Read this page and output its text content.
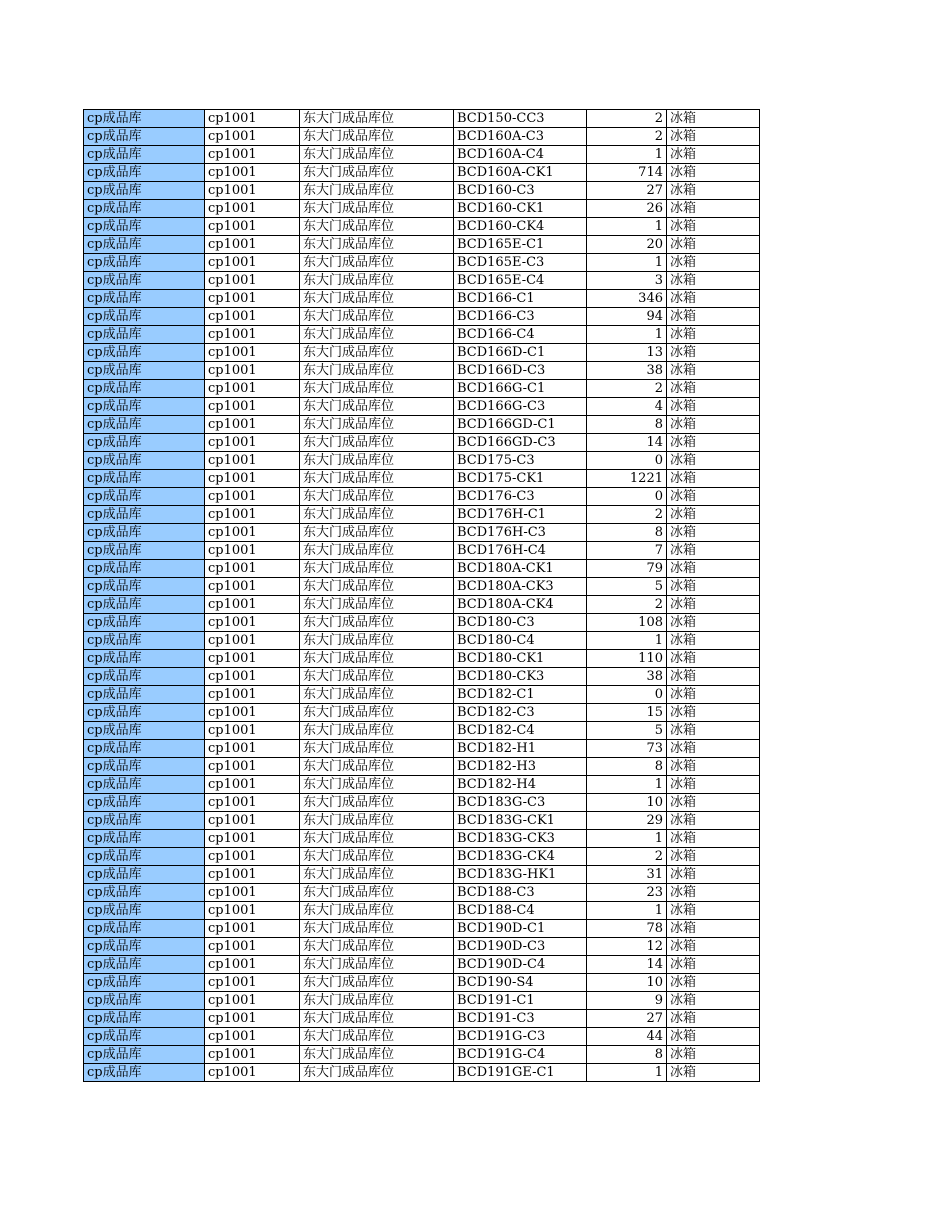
cp成品库	cp1001	东大门成品库位	BCD150-CC3	2	冰箱
cp成品库	cp1001	东大门成品库位	BCD160A-C3	2	冰箱
cp成品库	cp1001	东大门成品库位	BCD160A-C4	1	冰箱
cp成品库	cp1001	东大门成品库位	BCD160A-CK1	714	冰箱
cp成品库	cp1001	东大门成品库位	BCD160-C3	27	冰箱
cp成品库	cp1001	东大门成品库位	BCD160-CK1	26	冰箱
cp成品库	cp1001	东大门成品库位	BCD160-CK4	1	冰箱
cp成品库	cp1001	东大门成品库位	BCD165E-C1	20	冰箱
cp成品库	cp1001	东大门成品库位	BCD165E-C3	1	冰箱
cp成品库	cp1001	东大门成品库位	BCD165E-C4	3	冰箱
cp成品库	cp1001	东大门成品库位	BCD166-C1	346	冰箱
cp成品库	cp1001	东大门成品库位	BCD166-C3	94	冰箱
cp成品库	cp1001	东大门成品库位	BCD166-C4	1	冰箱
cp成品库	cp1001	东大门成品库位	BCD166D-C1	13	冰箱
cp成品库	cp1001	东大门成品库位	BCD166D-C3	38	冰箱
cp成品库	cp1001	东大门成品库位	BCD166G-C1	2	冰箱
cp成品库	cp1001	东大门成品库位	BCD166G-C3	4	冰箱
cp成品库	cp1001	东大门成品库位	BCD166GD-C1	8	冰箱
cp成品库	cp1001	东大门成品库位	BCD166GD-C3	14	冰箱
cp成品库	cp1001	东大门成品库位	BCD175-C3	0	冰箱
cp成品库	cp1001	东大门成品库位	BCD175-CK1	1221	冰箱
cp成品库	cp1001	东大门成品库位	BCD176-C3	0	冰箱
cp成品库	cp1001	东大门成品库位	BCD176H-C1	2	冰箱
cp成品库	cp1001	东大门成品库位	BCD176H-C3	8	冰箱
cp成品库	cp1001	东大门成品库位	BCD176H-C4	7	冰箱
cp成品库	cp1001	东大门成品库位	BCD180A-CK1	79	冰箱
cp成品库	cp1001	东大门成品库位	BCD180A-CK3	5	冰箱
cp成品库	cp1001	东大门成品库位	BCD180A-CK4	2	冰箱
cp成品库	cp1001	东大门成品库位	BCD180-C3	108	冰箱
cp成品库	cp1001	东大门成品库位	BCD180-C4	1	冰箱
cp成品库	cp1001	东大门成品库位	BCD180-CK1	110	冰箱
cp成品库	cp1001	东大门成品库位	BCD180-CK3	38	冰箱
cp成品库	cp1001	东大门成品库位	BCD182-C1	0	冰箱
cp成品库	cp1001	东大门成品库位	BCD182-C3	15	冰箱
cp成品库	cp1001	东大门成品库位	BCD182-C4	5	冰箱
cp成品库	cp1001	东大门成品库位	BCD182-H1	73	冰箱
cp成品库	cp1001	东大门成品库位	BCD182-H3	8	冰箱
cp成品库	cp1001	东大门成品库位	BCD182-H4	1	冰箱
cp成品库	cp1001	东大门成品库位	BCD183G-C3	10	冰箱
cp成品库	cp1001	东大门成品库位	BCD183G-CK1	29	冰箱
cp成品库	cp1001	东大门成品库位	BCD183G-CK3	1	冰箱
cp成品库	cp1001	东大门成品库位	BCD183G-CK4	2	冰箱
cp成品库	cp1001	东大门成品库位	BCD183G-HK1	31	冰箱
cp成品库	cp1001	东大门成品库位	BCD188-C3	23	冰箱
cp成品库	cp1001	东大门成品库位	BCD188-C4	1	冰箱
cp成品库	cp1001	东大门成品库位	BCD190D-C1	78	冰箱
cp成品库	cp1001	东大门成品库位	BCD190D-C3	12	冰箱
cp成品库	cp1001	东大门成品库位	BCD190D-C4	14	冰箱
cp成品库	cp1001	东大门成品库位	BCD190-S4	10	冰箱
cp成品库	cp1001	东大门成品库位	BCD191-C1	9	冰箱
cp成品库	cp1001	东大门成品库位	BCD191-C3	27	冰箱
cp成品库	cp1001	东大门成品库位	BCD191G-C3	44	冰箱
cp成品库	cp1001	东大门成品库位	BCD191G-C4	8	冰箱
cp成品库	cp1001	东大门成品库位	BCD191GE-C1	1	冰箱
